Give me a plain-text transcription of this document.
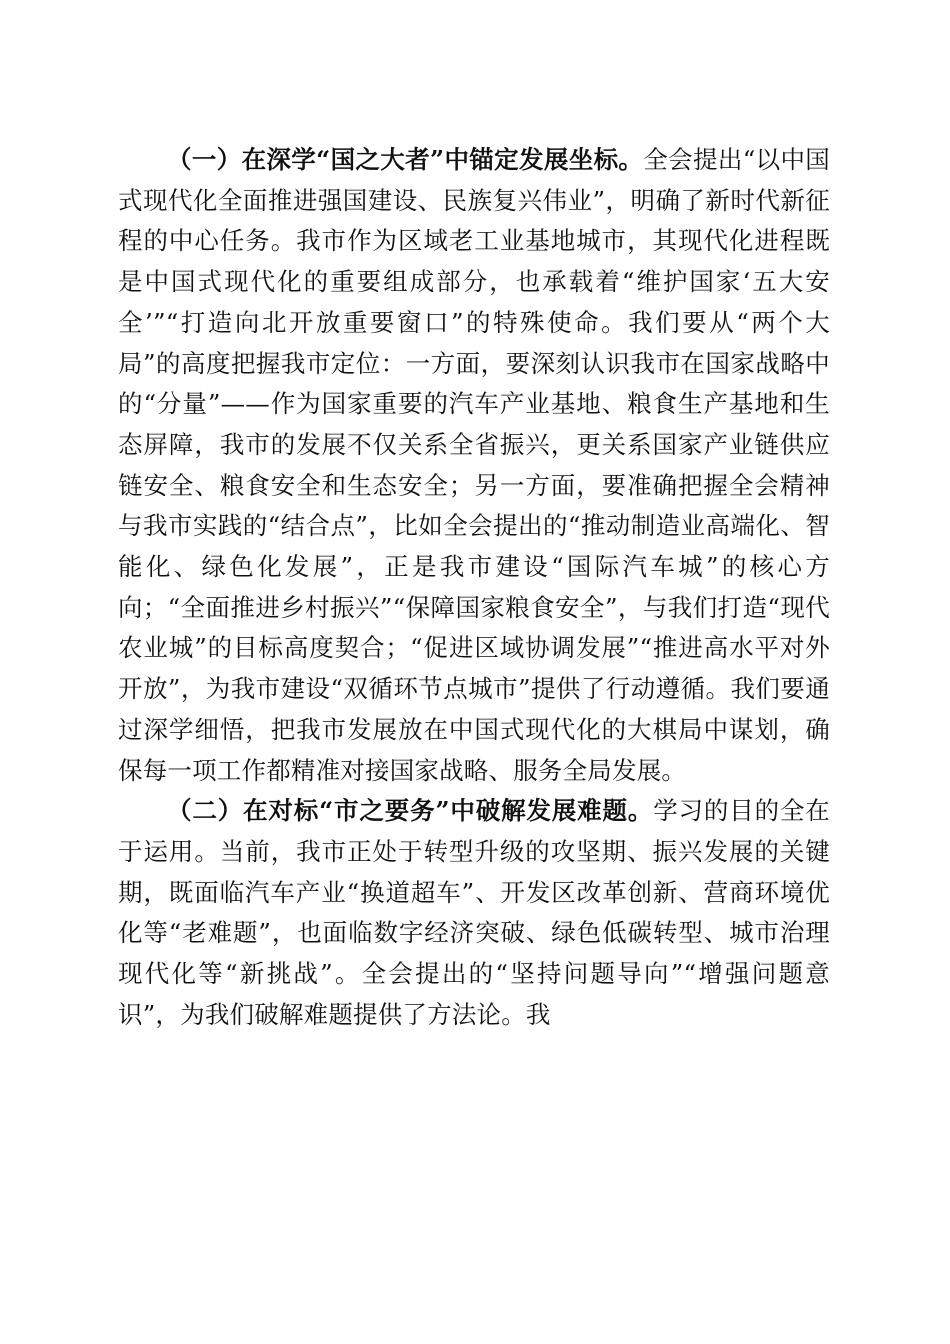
（一）在深学“国之大者”中锚定发展坐标。全会提出“以中国式现代化全面推进强国建设、民族复兴伟业”，明确了新时代新征程的中心任务。我市作为区域老工业基地城市，其现代化进程既是中国式现代化的重要组成部分，也承载着“维护国家‘五大安全’”“打造向北开放重要窗口”的特殊使命。我们要从“两个大局”的高度把握我市定位：一方面，要深刻认识我市在国家战略中的“分量”——作为国家重要的汽车产业基地、粮食生产基地和生态屏障，我市的发展不仅关系全省振兴，更关系国家产业链供应链安全、粮食安全和生态安全；另一方面，要准确把握全会精神与我市实践的“结合点”，比如全会提出的“推动制造业高端化、智能化、绿色化发展”，正是我市建设“国际汽车城”的核心方向；“全面推进乡村振兴”“保障国家粮食安全”，与我们打造“现代农业城”的目标高度契合；“促进区域协调发展”“推进高水平对外开放”，为我市建设“双循环节点城市”提供了行动遵循。我们要通过深学细悟，把我市发展放在中国式现代化的大棋局中谋划，确保每一项工作都精准对接国家战略、服务全局发展。

（二）在对标“市之要务”中破解发展难题。学习的目的全在于运用。当前，我市正处于转型升级的攻坚期、振兴发展的关键期，既面临汽车产业“换道超车”、开发区改革创新、营商环境优化等“老难题”，也面临数字经济突破、绿色低碳转型、城市治理现代化等“新挑战”。全会提出的“坚持问题导向”“增强问题意识”，为我们破解难题提供了方法论。我
